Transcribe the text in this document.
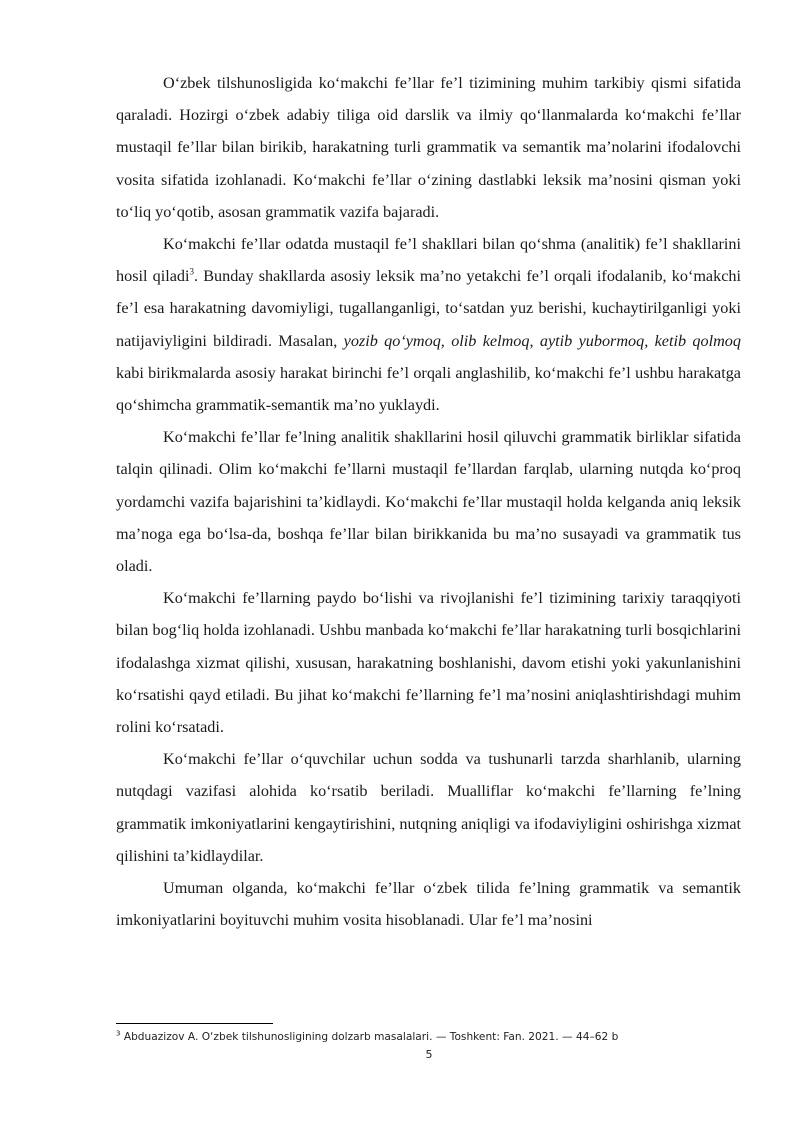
O‘zbek tilshunosligida ko‘makchi fe’llar fe’l tizimining muhim tarkibiy qismi sifatida qaraladi. Hozirgi o‘zbek adabiy tiliga oid darslik va ilmiy qo‘llanmalarda ko‘makchi fe’llar mustaqil fe’llar bilan birikib, harakatning turli grammatik va semantik ma’nolarini ifodalovchi vosita sifatida izohlanadi. Ko‘makchi fe’llar o‘zining dastlabki leksik ma’nosini qisman yoki to‘liq yo‘qotib, asosan grammatik vazifa bajaradi.

Ko‘makchi fe’llar odatda mustaqil fe’l shakllari bilan qo‘shma (analitik) fe’l shakllarini hosil qiladi$^3$. Bunday shakllarda asosiy leksik ma’no yetakchi fe’l orqali ifodalanib, ko‘makchi fe’l esa harakatning davomiyligi, tugallanganligi, to‘satdan yuz berishi, kuchaytirilganligi yoki natijaviyligini bildiradi. Masalan, yozib qo‘ymoq, olib kelmoq, aytib yubormoq, ketib qolmoq kabi birikmalarda asosiy harakat birinchi fe’l orqali anglashilib, ko‘makchi fe’l ushbu harakatga qo‘shimcha grammatik-semantik ma’no yuklaydi.

Ko‘makchi fe’llar fe’lning analitik shakllarini hosil qiluvchi grammatik birliklar sifatida talqin qilinadi. Olim ko‘makchi fe’llarni mustaqil fe’llardan farqlab, ularning nutqda ko‘proq yordamchi vazifa bajarishini ta’kidlaydi. Ko‘makchi fe’llar mustaqil holda kelganda aniq leksik ma’noga ega bo‘lsa-da, boshqa fe’llar bilan birikkanida bu ma’no susayadi va grammatik tus oladi.

Ko‘makchi fe’llarning paydo bo‘lishi va rivojlanishi fe’l tizimining tarixiy taraqqiyoti bilan bog‘liq holda izohlanadi. Ushbu manbada ko‘makchi fe’llar harakatning turli bosqichlarini ifodalashga xizmat qilishi, xususan, harakatning boshlanishi, davom etishi yoki yakunlanishini ko‘rsatishi qayd etiladi. Bu jihat ko‘makchi fe’llarning fe’l ma’nosini aniqlashtirishdagi muhim rolini ko‘rsatadi.

Ko‘makchi fe’llar o‘quvchilar uchun sodda va tushunarli tarzda sharhlanib, ularning nutqdagi vazifasi alohida ko‘rsatib beriladi. Mualliflar ko‘makchi fe’llarning fe’lning grammatik imkoniyatlarini kengaytirishini, nutqning aniqligi va ifodaviyligini oshirishga xizmat qilishini ta’kidlaydilar.

Umuman olganda, ko‘makchi fe’llar o‘zbek tilida fe’lning grammatik va semantik imkoniyatlarini boyituvchi muhim vosita hisoblanadi. Ular fe’l ma’nosini

$^3$ Abduazizov A. O‘zbek tilshunosligining dolzarb masalalari. — Toshkent: Fan. 2021. — 44–62 b
5
